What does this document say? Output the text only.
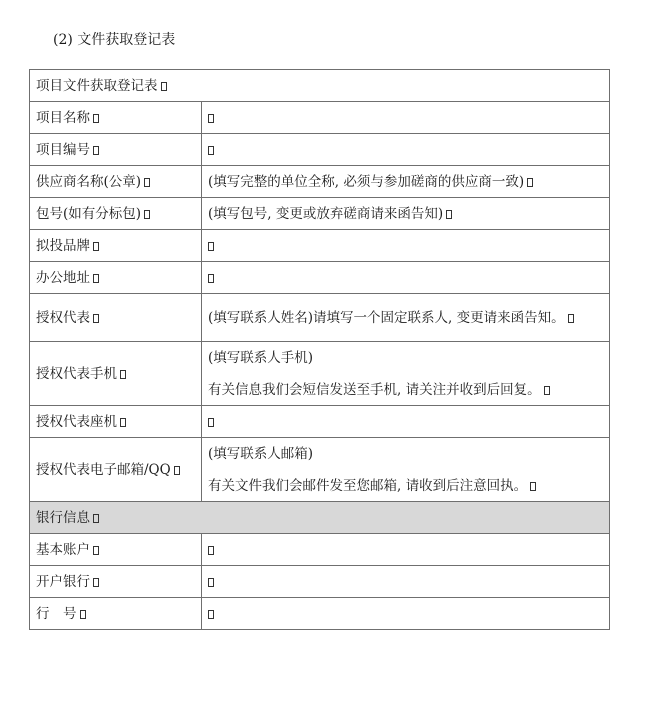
(2) 文件获取登记表
项目文件获取登记表	
项目名称	
项目编号	
供应商名称(公章)	(填写完整的单位全称, 必须与参加磋商的供应商一致)
包号(如有分标包)	(填写包号, 变更或放弃磋商请来函告知)
拟投品牌	
办公地址	
授权代表	(填写联系人姓名)请填写一个固定联系人, 变更请来函告知。
授权代表手机	(填写联系人手机)
有关信息我们会短信发送至手机, 请关注并收到后回复。
授权代表座机	
授权代表电子邮箱/QQ	(填写联系人邮箱)
有关文件我们会邮件发至您邮箱, 请收到后注意回执。
银行信息	
基本账户	
开户银行	
行　号	
